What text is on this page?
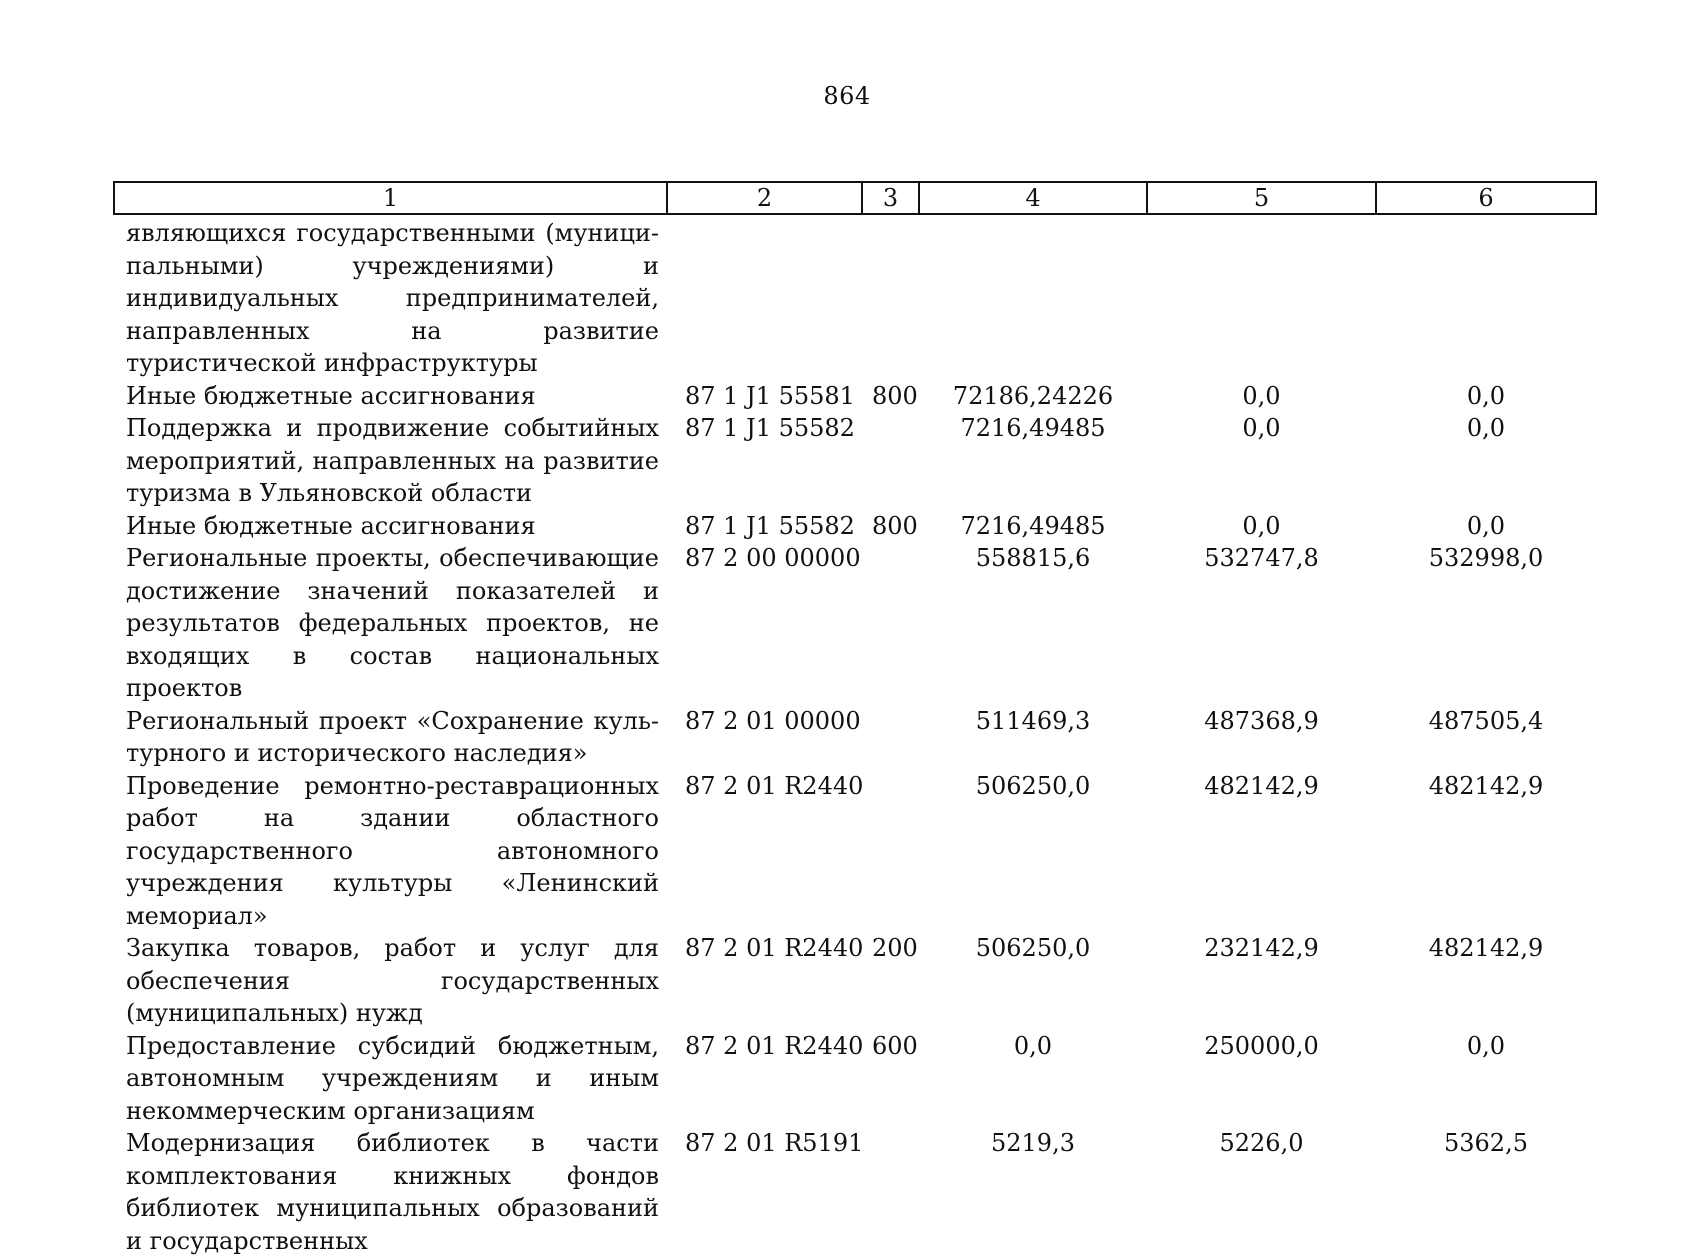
864
1	2	3	4	5	6
являющихся государственными (муниципальными) учреждениями) и индивидуальных предпринимателей, направленных на развитие туристической инфраструктуры					
Иные бюджетные ассигнования	87 1 J1 55581	800	72186,24226	0,0	0,0
Поддержка и продвижение событийных мероприятий, направленных на развитие туризма в Ульяновской области	87 1 J1 55582		7216,49485	0,0	0,0
Иные бюджетные ассигнования	87 1 J1 55582	800	7216,49485	0,0	0,0
Региональные проекты, обеспечивающие достижение значений показателей и результатов федеральных проектов, не входящих в состав национальных проектов	87 2 00 00000		558815,6	532747,8	532998,0
Региональный проект «Сохранение культурного и исторического наследия»	87 2 01 00000		511469,3	487368,9	487505,4
Проведение ремонтно-реставрационных работ на здании областного государственного автономного учреждения культуры «Ленинский мемориал»	87 2 01 R2440		506250,0	482142,9	482142,9
Закупка товаров, работ и услуг для обеспечения государственных (муниципальных) нужд	87 2 01 R2440	200	506250,0	232142,9	482142,9
Предоставление субсидий бюджетным, автономным учреждениям и иным некоммерческим организациям	87 2 01 R2440	600	0,0	250000,0	0,0
Модернизация библиотек в части комплектования книжных фондов библиотек муниципальных образований и государственных	87 2 01 R5191		5219,3	5226,0	5362,5
